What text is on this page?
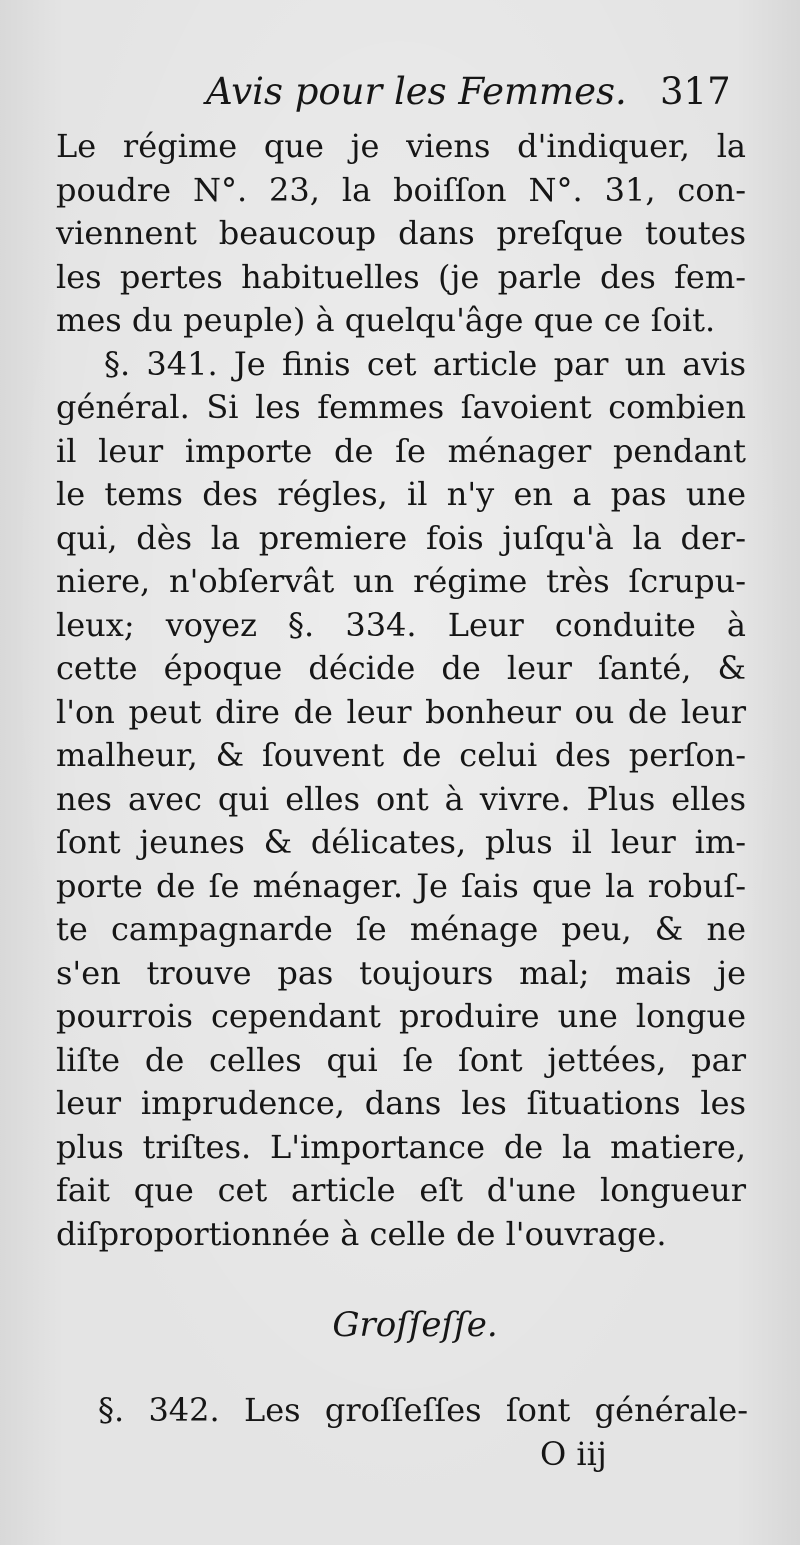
Avis pour les Femmes. 317
Le régime que je viens d'indiquer, la
poudre N°. 23, la boiſſon N°. 31, con-
viennent beaucoup dans preſque toutes
les pertes habituelles (je parle des fem-
mes du peuple) à quelqu'âge que ce ſoit.
§. 341. Je finis cet article par un avis
général. Si les femmes ſavoient combien
il leur importe de ſe ménager pendant
le tems des régles, il n'y en a pas une
qui, dès la premiere fois juſqu'à la der-
niere, n'obſervât un régime très ſcrupu-
leux; voyez §. 334. Leur conduite à
cette époque décide de leur ſanté, &
l'on peut dire de leur bonheur ou de leur
malheur, & ſouvent de celui des perſon-
nes avec qui elles ont à vivre. Plus elles
ſont jeunes & délicates, plus il leur im-
porte de ſe ménager. Je ſais que la robuſ-
te campagnarde ſe ménage peu, & ne
s'en trouve pas toujours mal; mais je
pourrois cependant produire une longue
liſte de celles qui ſe ſont jettées, par
leur imprudence, dans les ſituations les
plus triſtes. L'importance de la matiere,
fait que cet article eſt d'une longueur
diſproportionnée à celle de l'ouvrage.
Groſſeſſe.
§. 342. Les groſſeſſes ſont générale-
O iij
